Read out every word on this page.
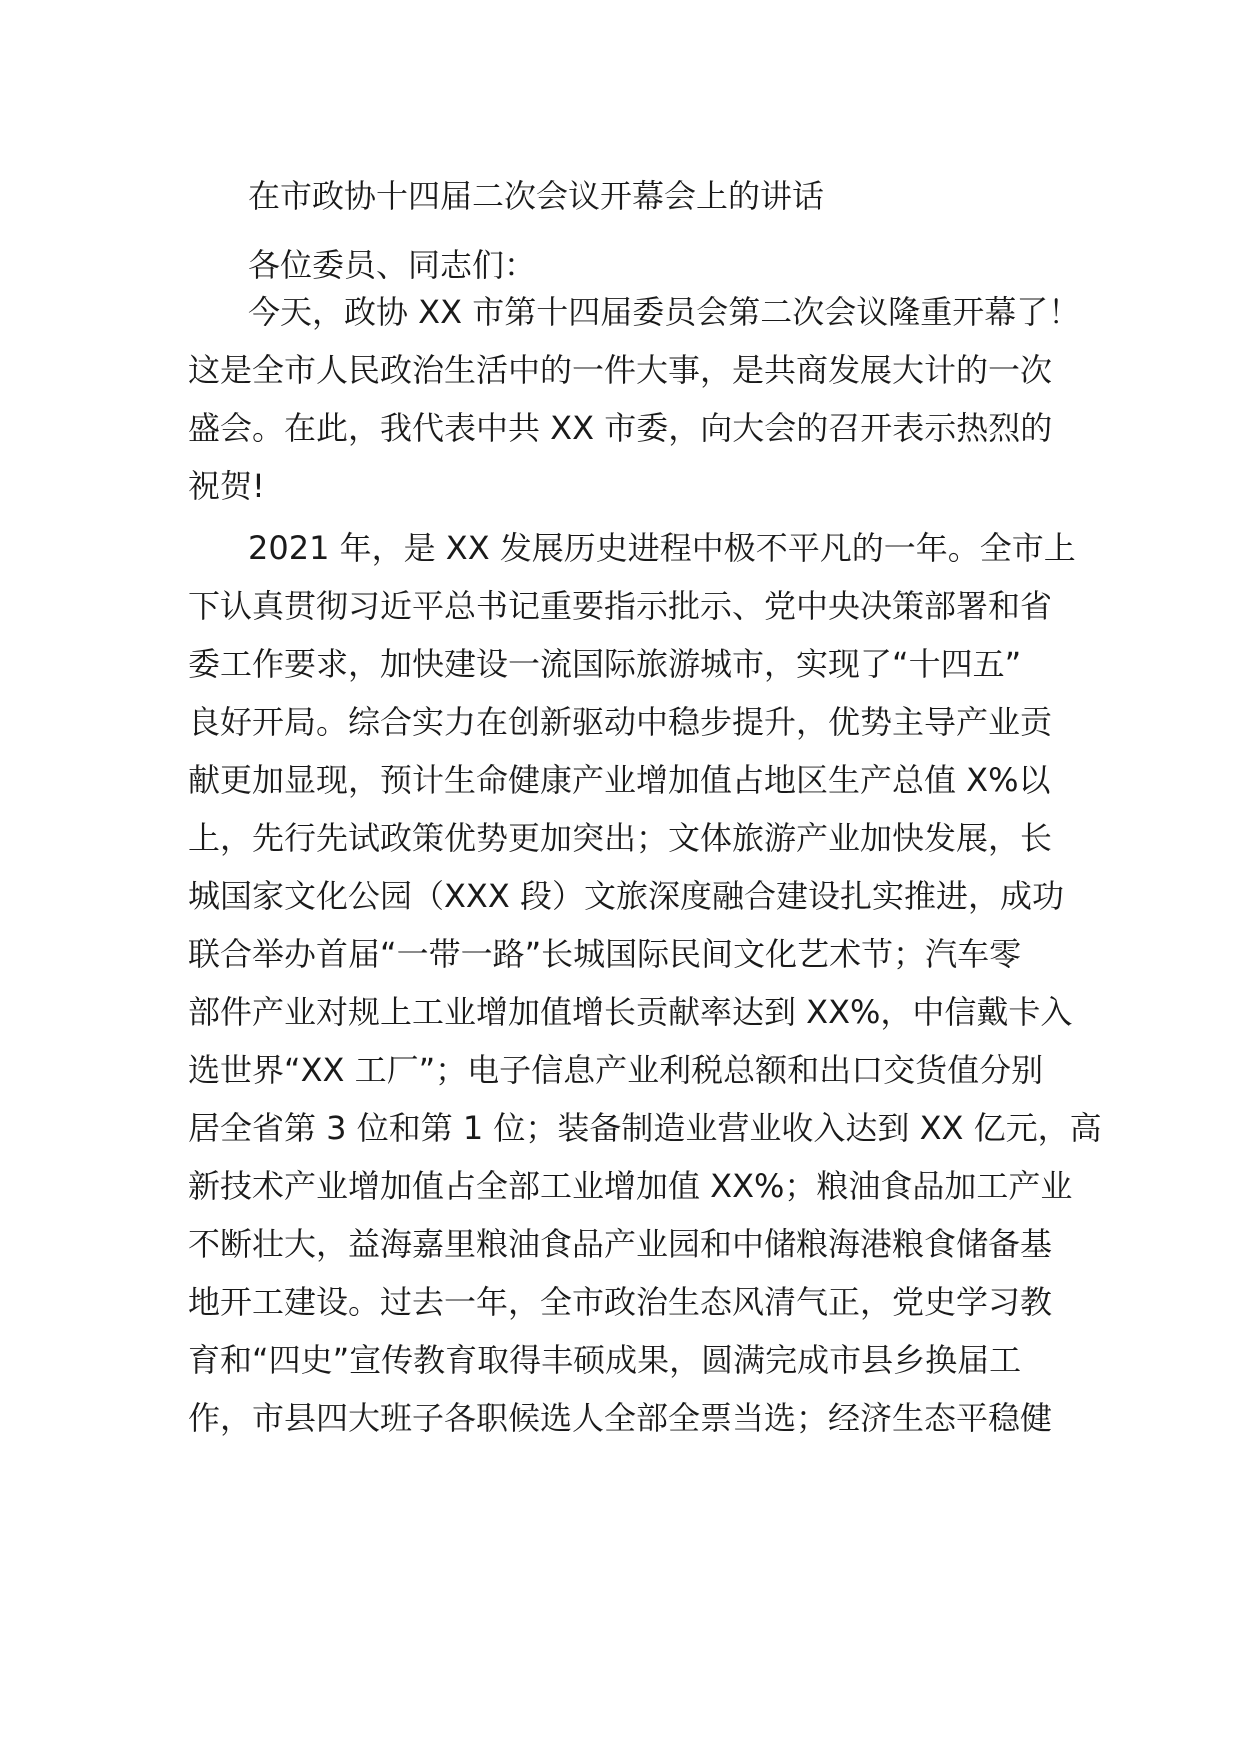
在市政协十四届二次会议开幕会上的讲话
各位委员、同志们：
今天，政协 XX 市第十四届委员会第二次会议隆重开幕了！
这是全市人民政治生活中的一件大事，是共商发展大计的一次
盛会。在此，我代表中共 XX 市委，向大会的召开表示热烈的
祝贺!
2021 年，是 XX 发展历史进程中极不平凡的一年。全市上
下认真贯彻习近平总书记重要指示批示、党中央决策部署和省
委工作要求，加快建设一流国际旅游城市，实现了“十四五”
良好开局。综合实力在创新驱动中稳步提升，优势主导产业贡
献更加显现，预计生命健康产业增加值占地区生产总值 X%以
上，先行先试政策优势更加突出；文体旅游产业加快发展，长
城国家文化公园（XXX 段）文旅深度融合建设扎实推进，成功
联合举办首届“一带一路”长城国际民间文化艺术节；汽车零
部件产业对规上工业增加值增长贡献率达到 XX%，中信戴卡入
选世界“XX 工厂”；电子信息产业利税总额和出口交货值分别
居全省第 3 位和第 1 位；装备制造业营业收入达到 XX 亿元，高
新技术产业增加值占全部工业增加值 XX%；粮油食品加工产业
不断壮大，益海嘉里粮油食品产业园和中储粮海港粮食储备基
地开工建设。过去一年，全市政治生态风清气正，党史学习教
育和“四史”宣传教育取得丰硕成果，圆满完成市县乡换届工
作，市县四大班子各职候选人全部全票当选；经济生态平稳健
